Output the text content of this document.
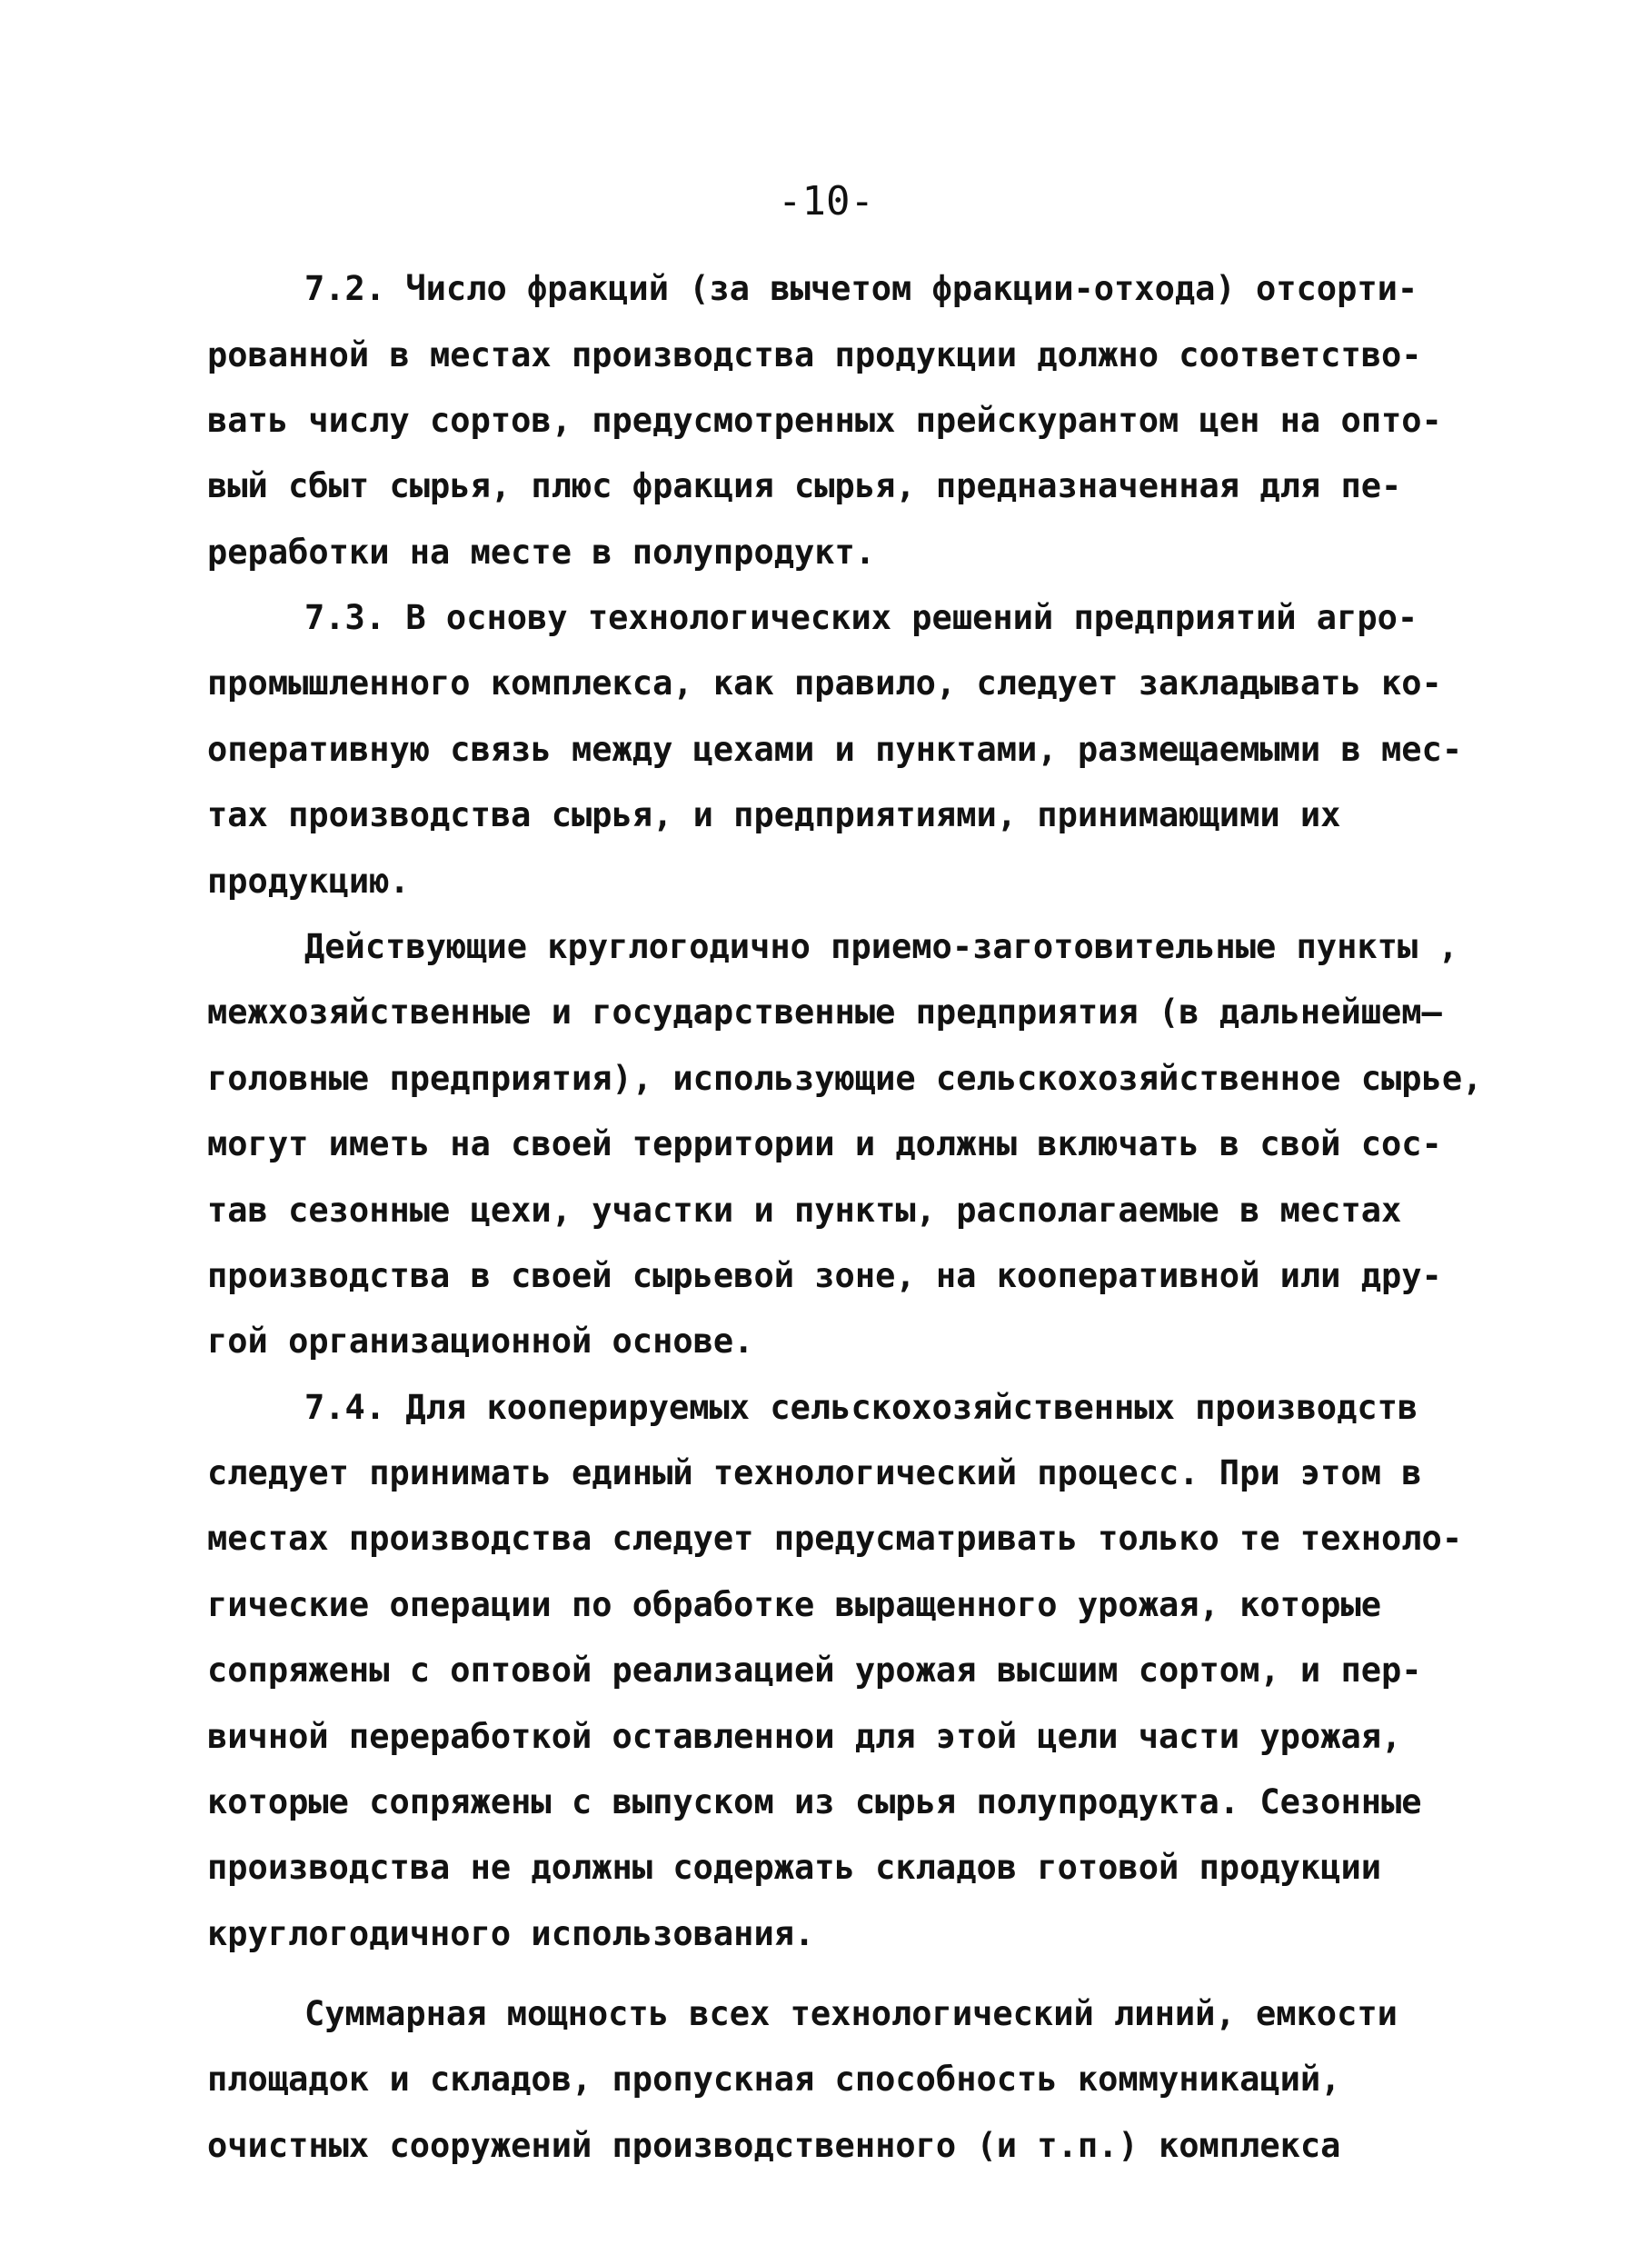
-10-
7.2. Число фракций (за вычетом фракции-отхода) отсорти-
рованной в местах производства продукции должно соответство-
вать числу сортов, предусмотренных прейскурантом цен на опто-
вый сбыт сырья, плюс фракция сырья, предназначенная для пе-
реработки на месте в полупродукт.
7.3. В основу технологических решений предприятий агро-
промышленного комплекса, как правило, следует закладывать ко-
оперативную связь между цехами и пунктами, размещаемыми в мес-
тах производства сырья, и предприятиями, принимающими их
продукцию.
Действующие круглогодично приемо-заготовительные пункты ,
межхозяйственные и государственные предприятия (в дальнейшем—
головные предприятия), использующие сельскохозяйственное сырье,
могут иметь на своей территории и должны включать в свой сос-
тав сезонные цехи, участки и пункты, располагаемые в местах
производства в своей сырьевой зоне, на кооперативной или дру-
гой организационной основе.
7.4. Для кооперируемых сельскохозяйственных производств
следует принимать единый технологический процесс. При этом в
местах производства следует предусматривать только те техноло-
гические операции по обработке выращенного урожая, которые
сопряжены с оптовой реализацией урожая высшим сортом, и пер-
вичной переработкой оставленнои для этой цели части урожая,
которые сопряжены с выпуском из сырья полупродукта. Сезонные
производства не должны содержать складов готовой продукции
круглогодичного использования.
Суммарная мощность всех технологический линий, емкости
площадок и складов, пропускная способность коммуникаций,
очистных сооружений производственного (и т.п.) комплекса
